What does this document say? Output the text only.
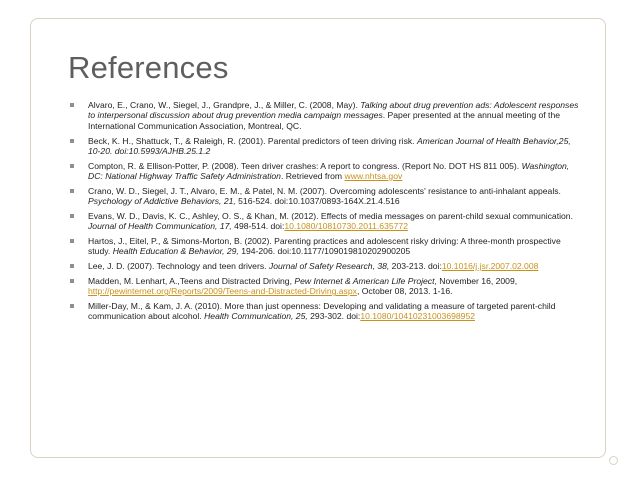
References
Alvaro, E., Crano, W., Siegel, J., Grandpre, J., & Miller, C. (2008, May). Talking about drug prevention ads: Adolescent responses to interpersonal discussion about drug prevention media campaign messages. Paper presented at the annual meeting of the International Communication Association, Montreal, QC.
Beck, K. H., Shattuck, T., & Raleigh, R. (2001). Parental predictors of teen driving risk. American Journal of Health Behavior,25, 10-20. doi:10.5993/AJHB.25.1.2
Compton, R. & Ellison-Potter, P. (2008). Teen driver crashes: A report to congress. (Report No. DOT HS 811 005). Washington, DC: National Highway Traffic Safety Administration. Retrieved from www.nhtsa.gov
Crano, W. D., Siegel, J. T., Alvaro, E. M., & Patel, N. M. (2007). Overcoming adolescents' resistance to anti-inhalant appeals. Psychology of Addictive Behaviors, 21, 516-524. doi:10.1037/0893-164X.21.4.516
Evans, W. D., Davis, K. C., Ashley, O. S., & Khan, M. (2012). Effects of media messages on parent-child sexual communication. Journal of Health Communication, 17, 498-514. doi:10.1080/10810730.2011.635772
Hartos, J., Eitel, P., & Simons-Morton, B. (2002). Parenting practices and adolescent risky driving: A three-month prospective study. Health Education & Behavior, 29, 194-206. doi:10.1177/109019810202900205
Lee, J. D. (2007). Technology and teen drivers. Journal of Safety Research, 38, 203-213. doi:10.1016/j.jsr.2007.02.008
Madden, M. Lenhart, A.,Teens and Distracted Driving, Pew Internet & American Life Project, November 16, 2009, http://pewinternet.org/Reports/2009/Teens-and-Distracted-Driving.aspx, October 08, 2013. 1-16.
Miller-Day, M., & Kam, J. A. (2010). More than just openness: Developing and validating a measure of targeted parent-child communication about alcohol. Health Communication, 25, 293-302. doi:10.1080/10410231003698952
